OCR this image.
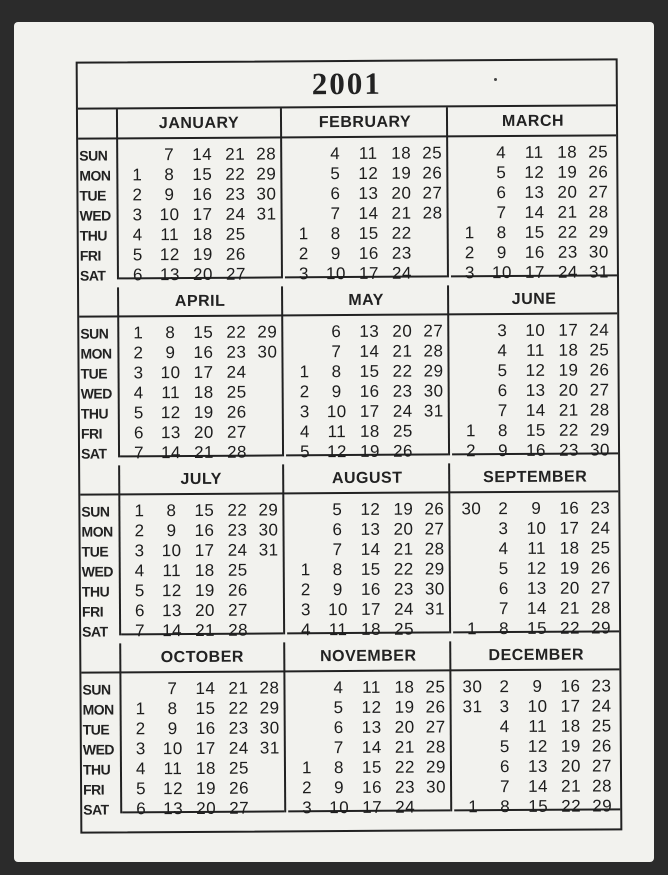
2001
SUN
MON
TUE
WED
THU
FRI
SAT
JANUARY
1
2
3
4
5
6
7
8
9
10
11
12
13
14
15
16
17
18
19
20
21
22
23
24
25
26
27
28
29
30
31
FEBRUARY
1
2
3
4
5
6
7
8
9
10
11
12
13
14
15
16
17
18
19
20
21
22
23
24
25
26
27
28
MARCH
1
2
3
4
5
6
7
8
9
10
11
12
13
14
15
16
17
18
19
20
21
22
23
24
25
26
27
28
29
30
31
SUN
MON
TUE
WED
THU
FRI
SAT
APRIL
1
2
3
4
5
6
7
8
9
10
11
12
13
14
15
16
17
18
19
20
21
22
23
24
25
26
27
28
29
30
MAY
1
2
3
4
5
6
7
8
9
10
11
12
13
14
15
16
17
18
19
20
21
22
23
24
25
26
27
28
29
30
31
JUNE
1
2
3
4
5
6
7
8
9
10
11
12
13
14
15
16
17
18
19
20
21
22
23
24
25
26
27
28
29
30
SUN
MON
TUE
WED
THU
FRI
SAT
JULY
1
2
3
4
5
6
7
8
9
10
11
12
13
14
15
16
17
18
19
20
21
22
23
24
25
26
27
28
29
30
31
AUGUST
1
2
3
4
5
6
7
8
9
10
11
12
13
14
15
16
17
18
19
20
21
22
23
24
25
26
27
28
29
30
31
SEPTEMBER
30
1
2
3
4
5
6
7
8
9
10
11
12
13
14
15
16
17
18
19
20
21
22
23
24
25
26
27
28
29
SUN
MON
TUE
WED
THU
FRI
SAT
OCTOBER
1
2
3
4
5
6
7
8
9
10
11
12
13
14
15
16
17
18
19
20
21
22
23
24
25
26
27
28
29
30
31
NOVEMBER
1
2
3
4
5
6
7
8
9
10
11
12
13
14
15
16
17
18
19
20
21
22
23
24
25
26
27
28
29
30
DECEMBER
30
31
1
2
3
4
5
6
7
8
9
10
11
12
13
14
15
16
17
18
19
20
21
22
23
24
25
26
27
28
29
